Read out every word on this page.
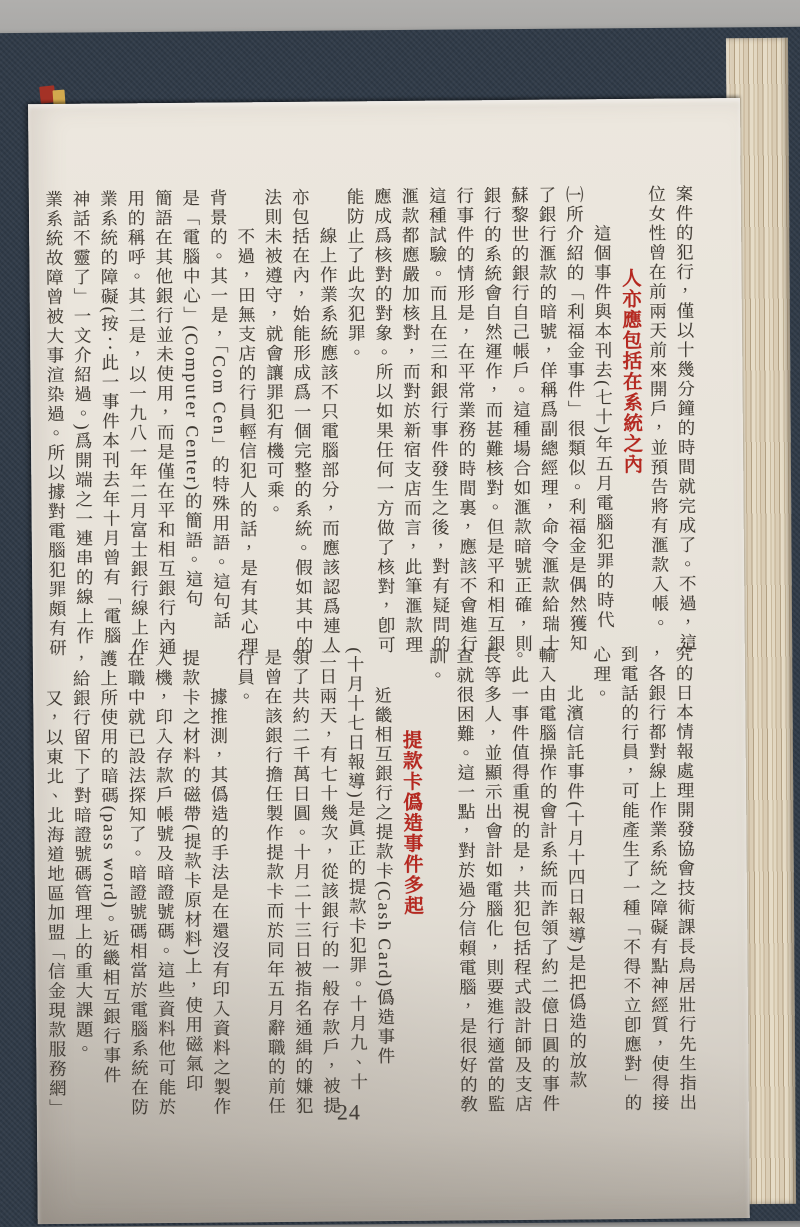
案件的犯行，僅以十幾分鐘的時間就完成了。不過，這
位女性曾在前兩天前來開戶，並預告將有滙款入帳。
　　　　人亦應包括在系統之內
　　這個事件與本刊去(七十)年五月電腦犯罪的時代
㈠所介紹的「利福金事件」很類似。利福金是偶然獲知
了銀行滙款的暗號，佯稱爲副總經理，命令滙款給瑞士
蘇黎世的銀行自己帳戶。這種場合如滙款暗號正確，則
銀行的系統會自然運作，而甚難核對。但是平和相互銀
行事件的情形是，在平常業務的時間裏，應該不會進行
這種試驗。而且在三和銀行事件發生之後，對有疑問的
滙款都應嚴加核對，而對於新宿支店而言，此筆滙款理
應成爲核對的對象。所以如果任何一方做了核對，卽可
能防止了此次犯罪。
　　線上作業系統應該不只電腦部分，而應該認爲連人
亦包括在內，始能形成爲一個完整的系統。假如其中的
法則未被遵守，就會讓罪犯有機可乘。
　　不過，田無支店的行員輕信犯人的話，是有其心理
背景的。其一是，「Com Cen」的特殊用語。這句話
是「電腦中心」(Computer Center)的簡語。這句
簡語在其他銀行並未使用，而是僅在平和相互銀行內通
用的稱呼。其二是，以一九八一年二月富士銀行線上作
業系統的障礙(按：此一事件本刊去年十月曾有「電腦
神話不靈了」一文介紹過。)爲開端之一連串的線上作
業系統故障曾被大事渲染過。所以據對電腦犯罪頗有研
究的日本情報處理開發協會技術課長鳥居壯行先生指出
，各銀行都對線上作業系統之障礙有點神經質，使得接
到電話的行員，可能產生了一種「不得不立卽應對」的
心理。
　　北濱信託事件(十月十四日報導)是把僞造的放款
輸入由電腦操作的會計系統而詐領了約二億日圓的事件
。此一事件值得重視的是，共犯包括程式設計師及支店
長等多人，並顯示出會計如電腦化，則要進行適當的監
查就很困難。這一點，對於過分信賴電腦，是很好的敎
訓。
　　　　提款卡僞造事件多起
　　近畿相互銀行之提款卡(Cash Card)僞造事件
(十月十七日報導)是眞正的提款卡犯罪。十月九、十
二日兩天，有七十幾次，從該銀行的一般存款戶，被提
領了共約二千萬日圓。十月二十三日被指名通緝的嫌犯
是曾在該銀行擔任製作提款卡而於同年五月辭職的前任
行員。
　　據推測，其僞造的手法是在還沒有印入資料之製作
提款卡之材料的磁帶(提款卡原材料)上，使用磁氣印
入機，印入存款戶帳號及暗證號碼。這些資料他可能於
在職中就已設法探知了。暗證號碼相當於電腦系統在防
護上所使用的暗碼(pass word)。近畿相互銀行事件
，給銀行留下了對暗證號碼管理上的重大課題。
　　又，以東北、北海道地區加盟「信金現款服務網」	24
